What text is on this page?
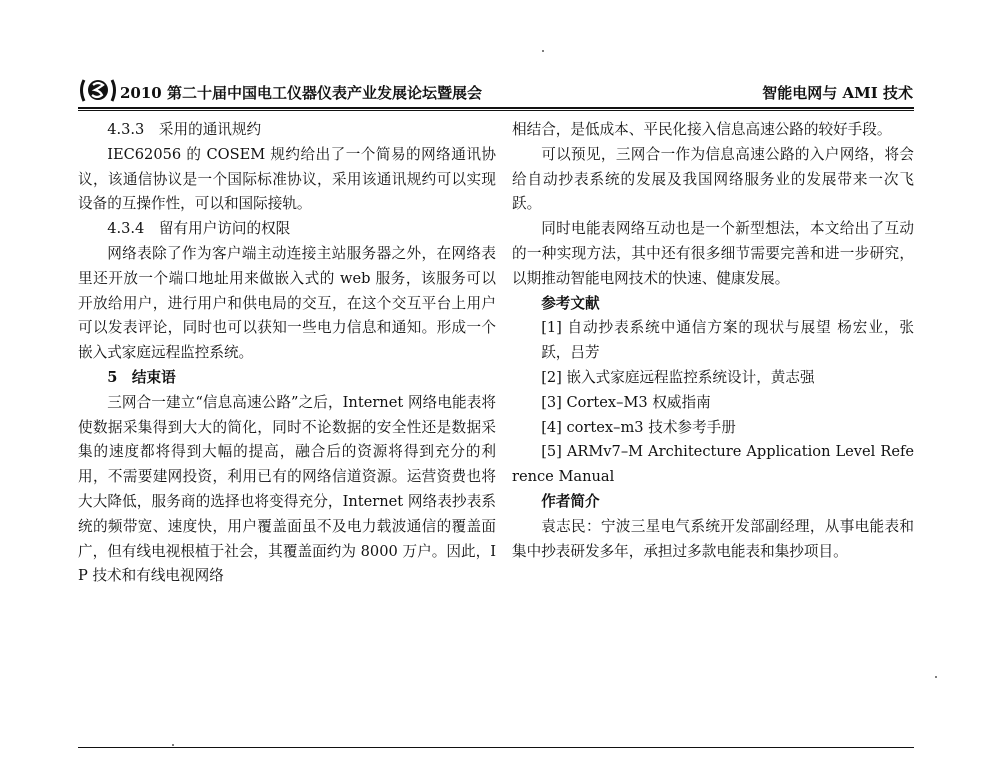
2010 第二十届中国电工仪器仪表产业发展论坛暨展会	智能电网与 AMI 技术

4.3.3　采用的通讯规约

IEC62056 的 COSEM 规约给出了一个简易的网络通讯协议，该通信协议是一个国际标准协议，采用该通讯规约可以实现设备的互操作性，可以和国际接轨。

4.3.4　留有用户访问的权限

网络表除了作为客户端主动连接主站服务器之外，在网络表里还开放一个端口地址用来做嵌入式的 web 服务，该服务可以开放给用户，进行用户和供电局的交互，在这个交互平台上用户可以发表评论，同时也可以获知一些电力信息和通知。形成一个嵌入式家庭远程监控系统。

5　结束语

三网合一建立“信息高速公路”之后，Internet 网络电能表将使数据采集得到大大的简化，同时不论数据的安全性还是数据采集的速度都将得到大幅的提高，融合后的资源将得到充分的利用，不需要建网投资，利用已有的网络信道资源。运营资费也将大大降低，服务商的选择也将变得充分，Internet 网络表抄表系统的频带宽、速度快，用户覆盖面虽不及电力载波通信的覆盖面广，但有线电视根植于社会，其覆盖面约为 8000 万户。因此，IP 技术和有线电视网络

相结合，是低成本、平民化接入信息高速公路的较好手段。

可以预见，三网合一作为信息高速公路的入户网络，将会给自动抄表系统的发展及我国网络服务业的发展带来一次飞跃。

同时电能表网络互动也是一个新型想法，本文给出了互动的一种实现方法，其中还有很多细节需要完善和进一步研究，以期推动智能电网技术的快速、健康发展。

参考文献

[1] 自动抄表系统中通信方案的现状与展望 杨宏业，张跃，吕芳

[2] 嵌入式家庭远程监控系统设计，黄志强

[3] Cortex–M3 权威指南

[4] cortex–m3 技术参考手册

[5] ARMv7–M Architecture Application Level Reference Manual

作者简介

袁志民：宁波三星电气系统开发部副经理，从事电能表和集中抄表研发多年，承担过多款电能表和集抄项目。
